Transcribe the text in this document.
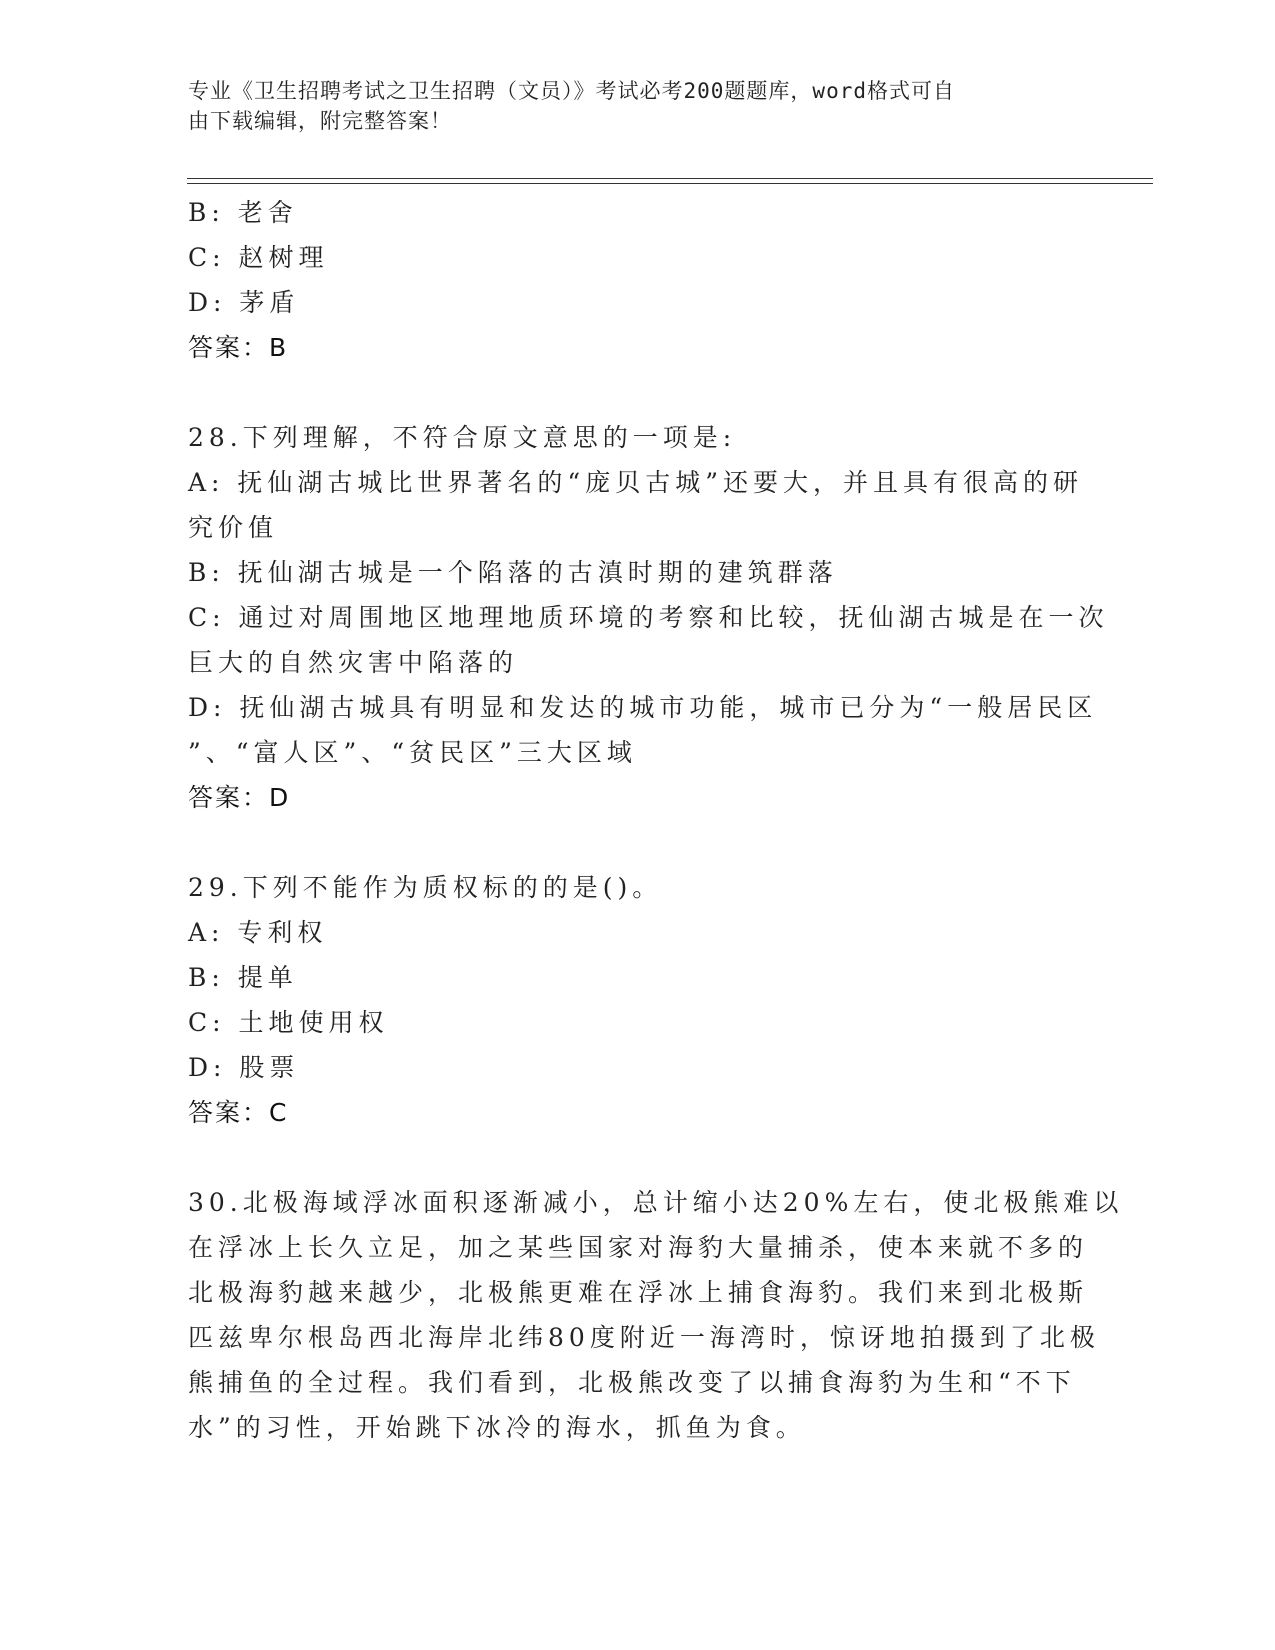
专业《卫生招聘考试之卫生招聘（文员）》考试必考200题题库，word格式可自
由下载编辑，附完整答案！
B: 老舍
C: 赵树理
D: 茅盾
答案：B
28.下列理解，不符合原文意思的一项是:
A: 抚仙湖古城比世界著名的“庞贝古城”还要大，并且具有很高的研
究价值
B: 抚仙湖古城是一个陷落的古滇时期的建筑群落
C: 通过对周围地区地理地质环境的考察和比较，抚仙湖古城是在一次
巨大的自然灾害中陷落的
D: 抚仙湖古城具有明显和发达的城市功能，城市已分为“一般居民区
”、“富人区”、“贫民区”三大区域
答案：D
29.下列不能作为质权标的的是()。
A: 专利权
B: 提单
C: 土地使用权
D: 股票
答案：C
30.北极海域浮冰面积逐渐减小，总计缩小达20%左右，使北极熊难以
在浮冰上长久立足，加之某些国家对海豹大量捕杀，使本来就不多的
北极海豹越来越少，北极熊更难在浮冰上捕食海豹。我们来到北极斯
匹兹卑尔根岛西北海岸北纬80度附近一海湾时，惊讶地拍摄到了北极
熊捕鱼的全过程。我们看到，北极熊改变了以捕食海豹为生和“不下
水”的习性，开始跳下冰冷的海水，抓鱼为食。
